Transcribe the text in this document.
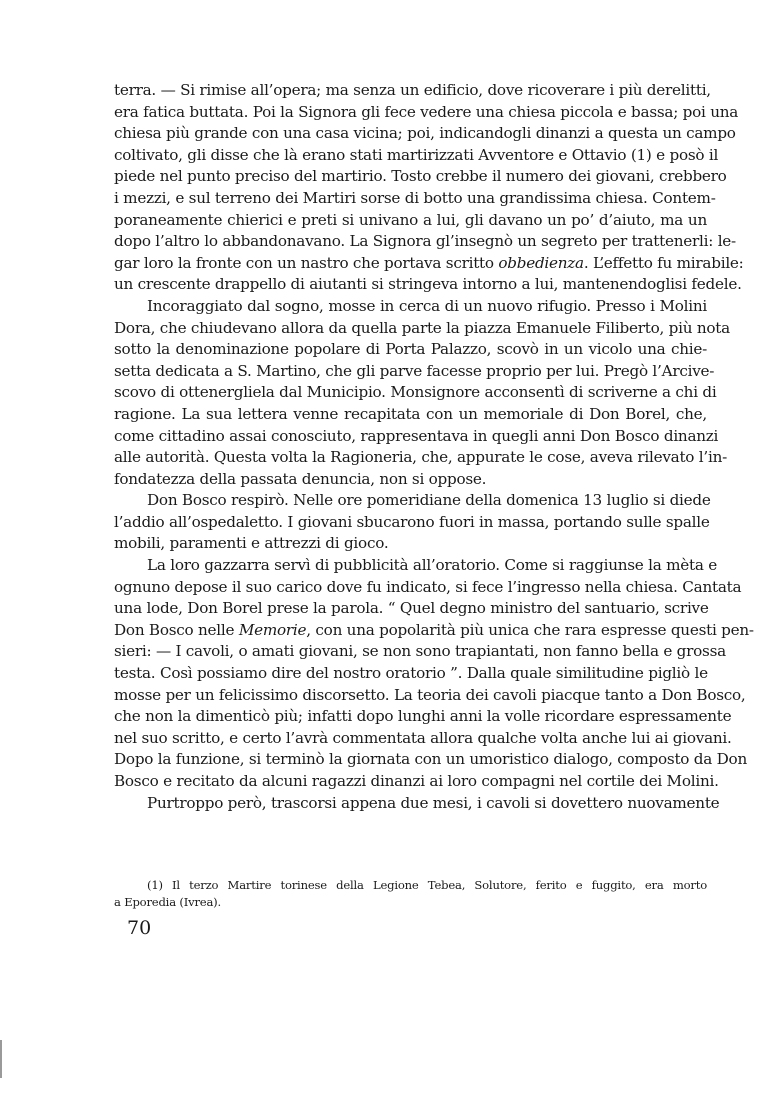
terra. — Si rimise all’opera; ma senza un edificio, dove ricoverare i più derelitti,
era fatica buttata. Poi la Signora gli fece vedere una chiesa piccola e bassa; poi una
chiesa più grande con una casa vicina; poi, indicandogli dinanzi a questa un campo
coltivato, gli disse che là erano stati martirizzati Avventore e Ottavio (1) e posò il
piede nel punto preciso del martirio. Tosto crebbe il numero dei giovani, crebbero
i mezzi, e sul terreno dei Martiri sorse di botto una grandissima chiesa. Contem-
poraneamente chierici e preti si univano a lui, gli davano un po’ d’aiuto, ma un
dopo l’altro lo abbandonavano. La Signora gl’insegnò un segreto per trattenerli: le-
gar loro la fronte con un nastro che portava scritto obbedienza. L’effetto fu mirabile:
un crescente drappello di aiutanti si stringeva intorno a lui, mantenendoglisi fedele.

Incoraggiato dal sogno, mosse in cerca di un nuovo rifugio. Presso i Molini
Dora, che chiudevano allora da quella parte la piazza Emanuele Filiberto, più nota
sotto la denominazione popolare di Porta Palazzo, scovò in un vicolo una chie-
setta dedicata a S. Martino, che gli parve facesse proprio per lui. Pregò l’Arcive-
scovo di ottenergliela dal Municipio. Monsignore acconsentì di scriverne a chi di
ragione. La sua lettera venne recapitata con un memoriale di Don Borel, che,
come cittadino assai conosciuto, rappresentava in quegli anni Don Bosco dinanzi
alle autorità. Questa volta la Ragioneria, che, appurate le cose, aveva rilevato l’in-
fondatezza della passata denuncia, non si oppose.

Don Bosco respirò. Nelle ore pomeridiane della domenica 13 luglio si diede
l’addio all’ospedaletto. I giovani sbucarono fuori in massa, portando sulle spalle
mobili, paramenti e attrezzi di gioco.

La loro gazzarra servì di pubblicità all’oratorio. Come si raggiunse la mèta e
ognuno depose il suo carico dove fu indicato, si fece l’ingresso nella chiesa. Cantata
una lode, Don Borel prese la parola. “ Quel degno ministro del santuario, scrive
Don Bosco nelle Memorie, con una popolarità più unica che rara espresse questi pen-
sieri: — I cavoli, o amati giovani, se non sono trapiantati, non fanno bella e grossa
testa. Così possiamo dire del nostro oratorio ”. Dalla quale similitudine pigliò le
mosse per un felicissimo discorsetto. La teoria dei cavoli piacque tanto a Don Bosco,
che non la dimenticò più; infatti dopo lunghi anni la volle ricordare espressamente
nel suo scritto, e certo l’avrà commentata allora qualche volta anche lui ai giovani.
Dopo la funzione, si terminò la giornata con un umoristico dialogo, composto da Don
Bosco e recitato da alcuni ragazzi dinanzi ai loro compagni nel cortile dei Molini.

Purtroppo però, trascorsi appena due mesi, i cavoli si dovettero nuovamente

(1) Il terzo Martire torinese della Legione Tebea, Solutore, ferito e fuggito, era morto
a Eporedia (Ivrea).
70
